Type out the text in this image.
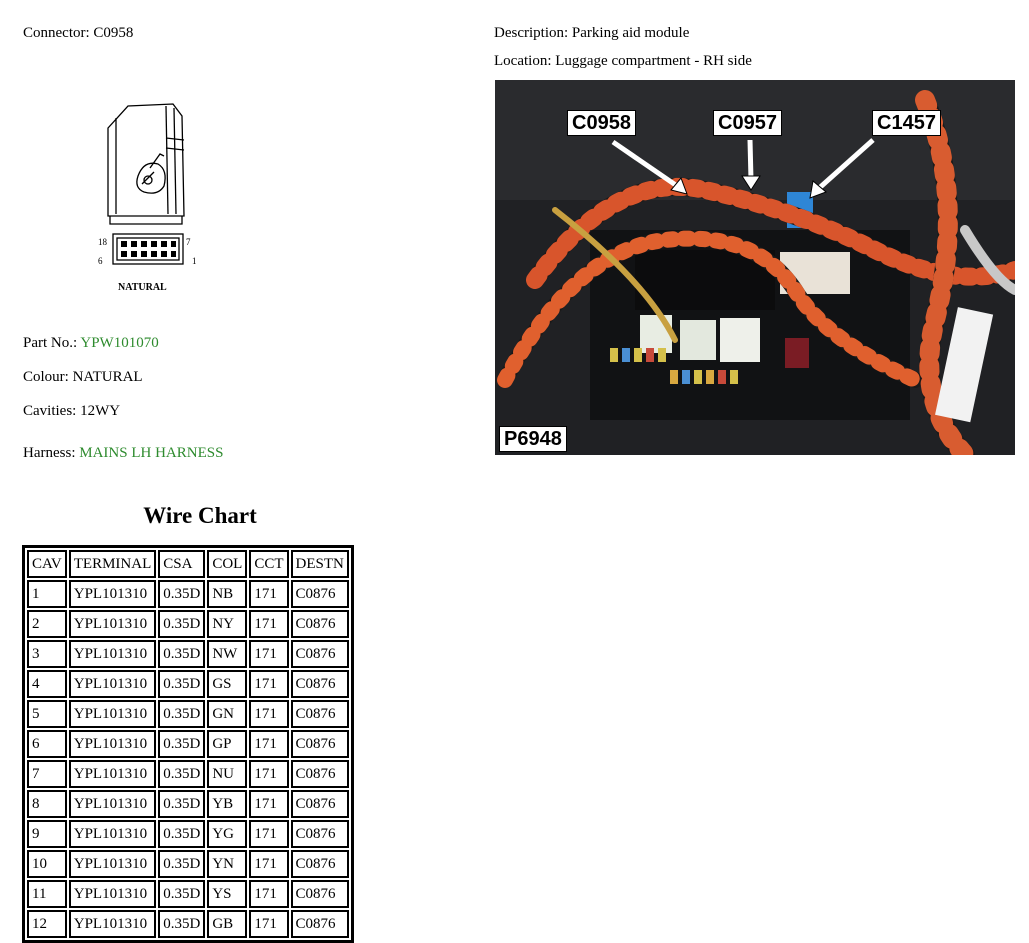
Connector: C0958	Description: Parking aid module
Location: Luggage compartment - RH side
18	7
6	1
NATURAL
Part No.: YPW101070
Colour: NATURAL
Cavities: 12WY
Harness: MAINS LH HARNESS
C0958	C0957	C1457
P6948
Wire Chart
CAV	TERMINAL	CSA	COL	CCT	DESTN
1	YPL101310	0.35D	NB	171	C0876
2	YPL101310	0.35D	NY	171	C0876
3	YPL101310	0.35D	NW	171	C0876
4	YPL101310	0.35D	GS	171	C0876
5	YPL101310	0.35D	GN	171	C0876
6	YPL101310	0.35D	GP	171	C0876
7	YPL101310	0.35D	NU	171	C0876
8	YPL101310	0.35D	YB	171	C0876
9	YPL101310	0.35D	YG	171	C0876
10	YPL101310	0.35D	YN	171	C0876
11	YPL101310	0.35D	YS	171	C0876
12	YPL101310	0.35D	GB	171	C0876
